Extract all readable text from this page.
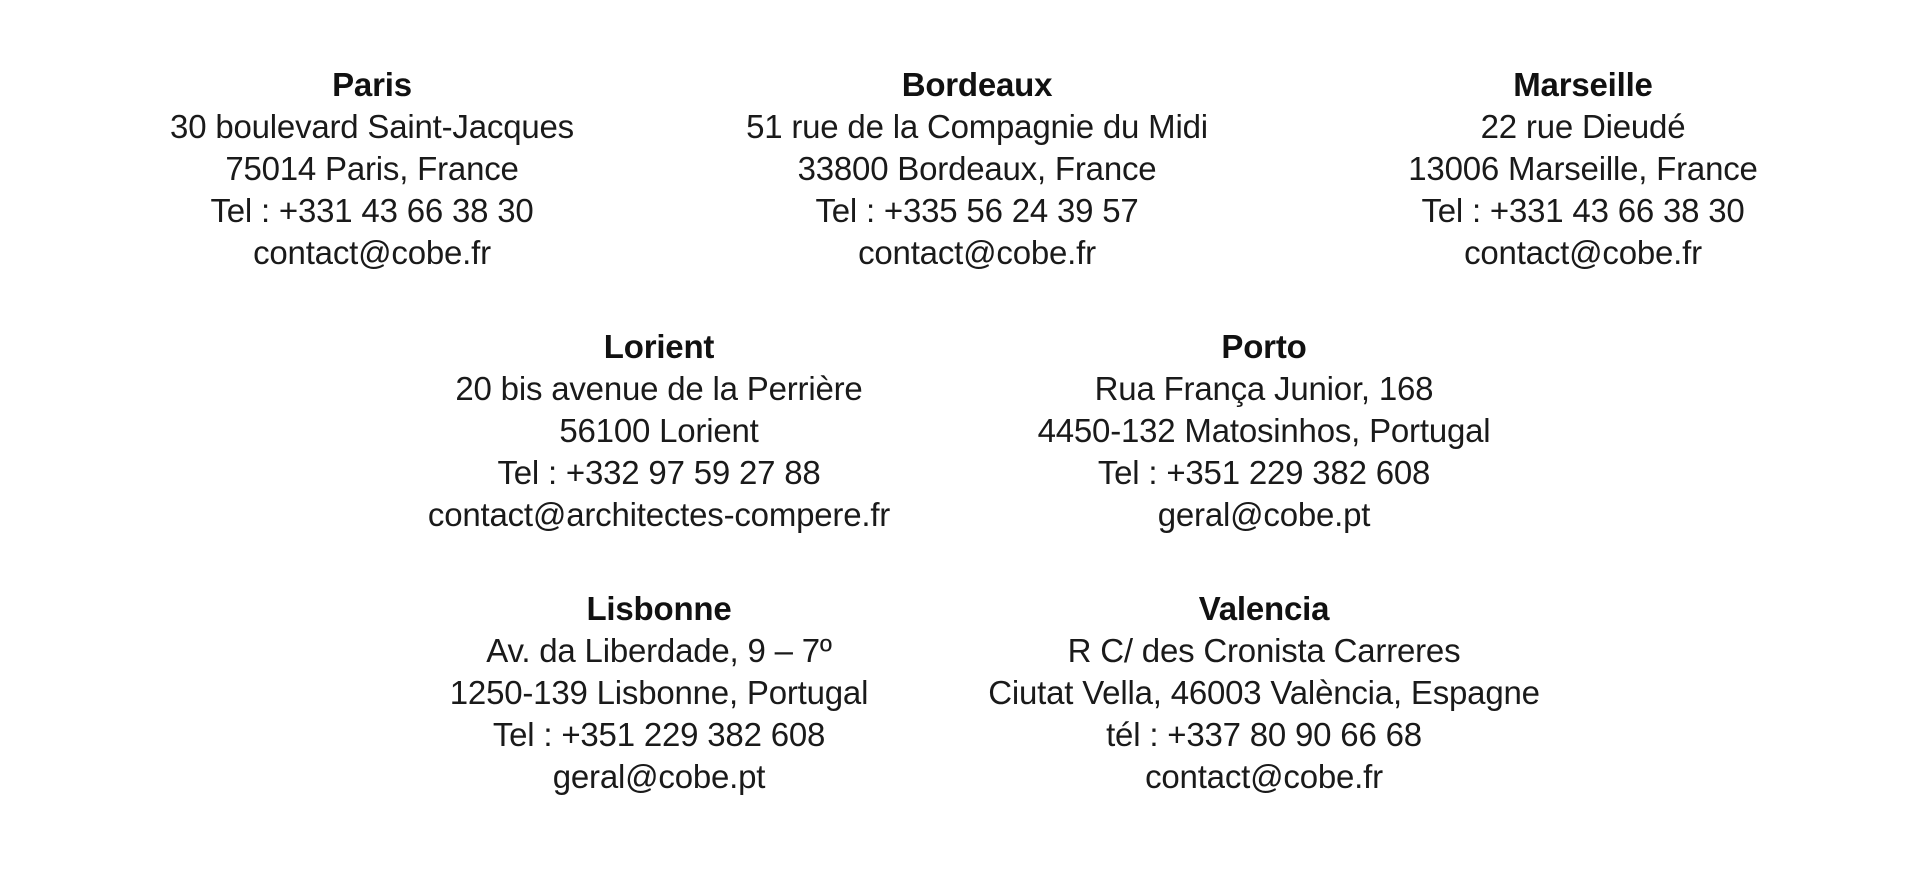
Paris
30 boulevard Saint-Jacques
75014 Paris, France
Tel : +331 43 66 38 30
contact@cobe.fr
Bordeaux
51 rue de la Compagnie du Midi
33800 Bordeaux, France
Tel : +335 56 24 39 57
contact@cobe.fr
Marseille
22 rue Dieudé
13006 Marseille, France
Tel : +331 43 66 38 30
contact@cobe.fr
Lorient
20 bis avenue de la Perrière
56100 Lorient
Tel : +332 97 59 27 88
contact@architectes-compere.fr
Porto
Rua França Junior, 168
4450-132 Matosinhos, Portugal
Tel : +351 229 382 608
geral@cobe.pt
Lisbonne
Av. da Liberdade, 9 – 7º
1250-139 Lisbonne, Portugal
Tel : +351 229 382 608
geral@cobe.pt
Valencia
R C/ des Cronista Carreres
Ciutat Vella, 46003 València, Espagne
tél : +337 80 90 66 68
contact@cobe.fr
